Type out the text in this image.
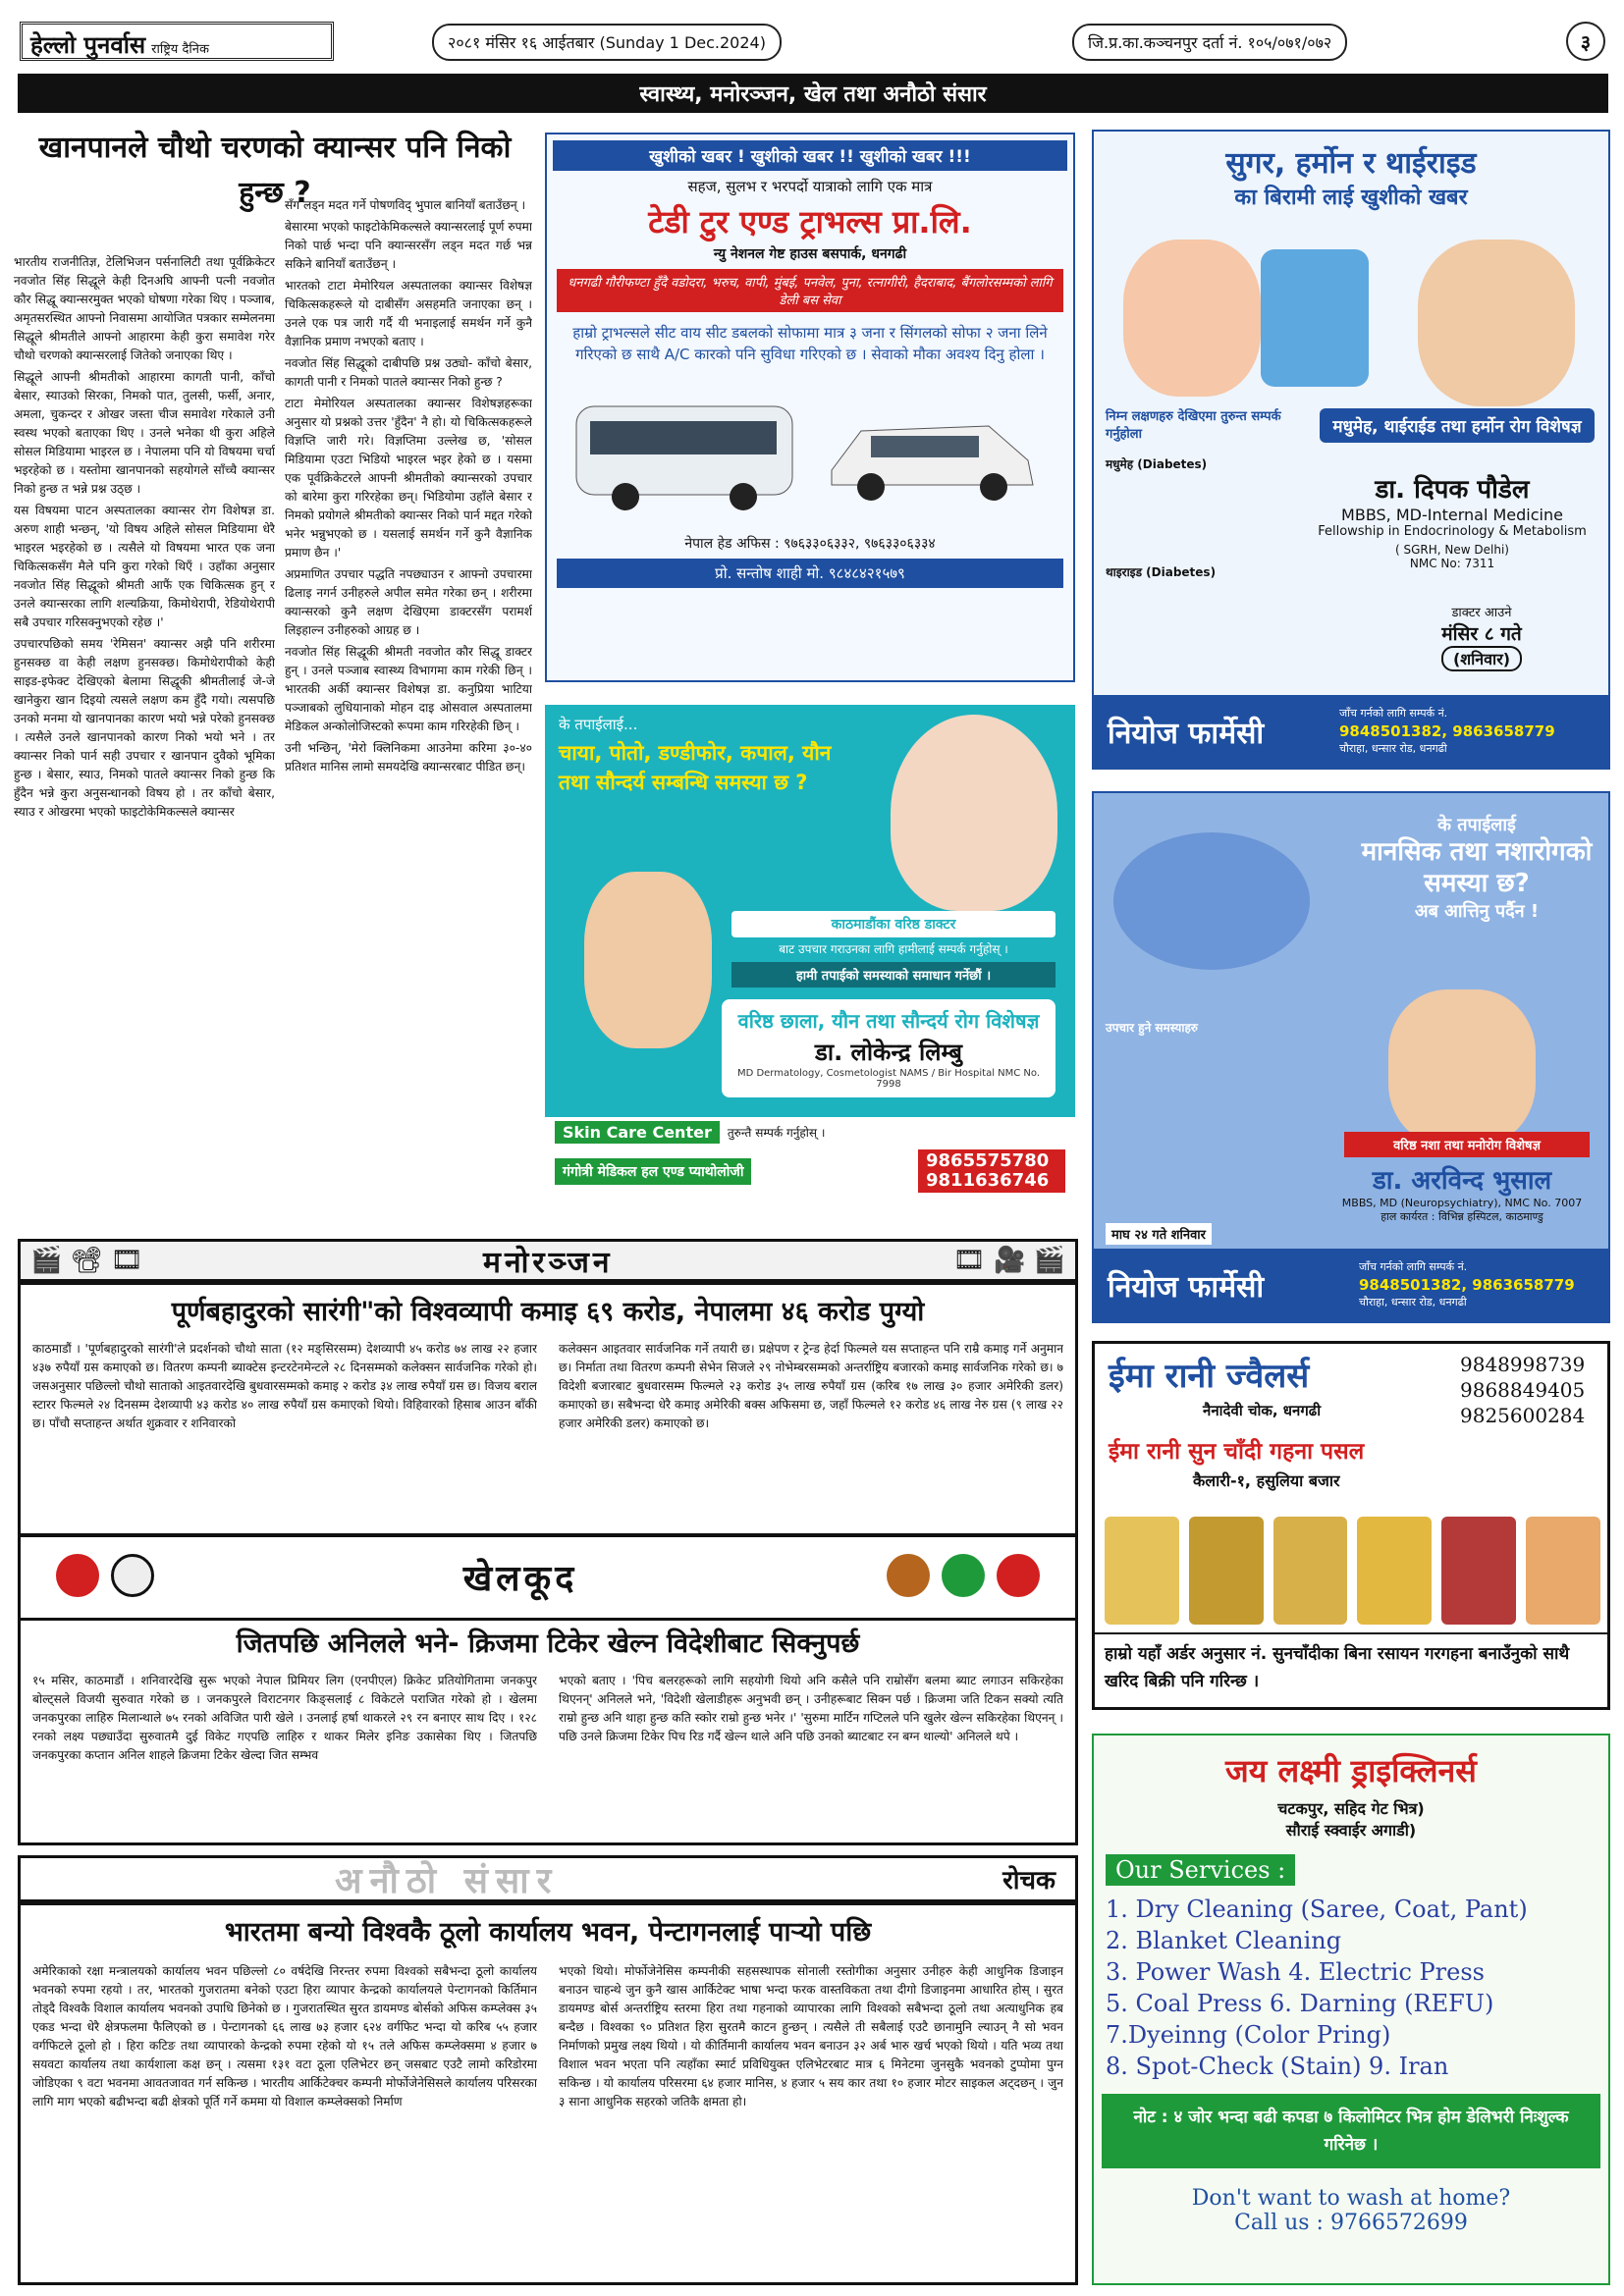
हेल्लो पुनर्वास राष्ट्रिय दैनिक	२०८१ मंसिर १६ आईतबार (Sunday 1 Dec.2024)	जि.प्र.का.कञ्चनपुर दर्ता नं. १०५/०७१/०७२	३
स्वास्थ्य, मनोरञ्जन, खेल तथा अनौठो संसार
खानपानले चौथो चरणको क्यान्सर पनि निको हुन्छ ?

भारतीय राजनीतिज्ञ, टेलिभिजन पर्सनालिटी तथा पूर्वक्रिकेटर नवजोत सिंह सिद्धूले केही दिनअघि आफ्नी पत्नी नवजोत कौर सिद्धू क्यान्सरमुक्त भएको घोषणा गरेका थिए । पञ्जाब, अमृतसरस्थित आफ्नो निवासमा आयोजित पत्रकार सम्मेलनमा सिद्धूले श्रीमतीले आफ्नो आहारमा केही कुरा समावेश गरेर चौथो चरणको क्यान्सरलाई जितेको जनाएका थिए ।

सिद्धूले आफ्नी श्रीमतीको आहारमा कागती पानी, काँचो बेसार, स्याउको सिरका, निमको पात, तुलसी, फर्सी, अनार, अमला, चुकन्दर र ओखर जस्ता चीज समावेश गरेकाले उनी स्वस्थ भएको बताएका थिए । उनले भनेका थी कुरा अहिले सोसल मिडियामा भाइरल छ । नेपालमा पनि यो विषयमा चर्चा भइरहेको छ । यस्तोमा खानपानको सहयोगले साँच्चै क्यान्सर निको हुन्छ त भन्ने प्रश्न उठ्छ ।

यस विषयमा पाटन अस्पतालका क्यान्सर रोग विशेषज्ञ डा. अरुण शाही भन्छन्, 'यो विषय अहिले सोसल मिडियामा धेरै भाइरल भइरहेको छ । त्यसैले यो विषयमा भारत एक जना चिकित्सकसँग मैले पनि कुरा गरेको थिएँ । उहाँका अनुसार नवजोत सिंह सिद्धूको श्रीमती आफैं एक चिकित्सक हुन् र उनले क्यान्सरका लागि शल्यक्रिया, किमोथेरापी, रेडियोथेरापी सबै उपचार गरिसक्नुभएको रहेछ ।'

उपचारपछिको समय 'रेमिसन' क्यान्सर अझै पनि शरीरमा हुनसक्छ वा केही लक्षण हुनसक्छ। किमोथेरापीको केही साइड-इफेक्ट देखिएको बेलामा सिद्धूकी श्रीमतीलाई जे-जे खानेकुरा खान दिइयो त्यसले लक्षण कम हुँदै गयो। त्यसपछि उनको मनमा यो खानपानका कारण भयो भन्ने परेको हुनसक्छ । त्यसैले उनले खानपानको कारण निको भयो भने । तर क्यान्सर निको पार्न सही उपचार र खानपान दुवैको भूमिका हुन्छ । बेसार, स्याउ, निमको पातले क्यान्सर निको हुन्छ कि हुँदैन भन्ने कुरा अनुसन्धानको विषय हो । तर काँचो बेसार, स्याउ र ओखरमा भएको फाइटोकेमिकल्सले क्यान्सर

सँग लड्न मदत गर्ने पोषणविद् भुपाल बानियाँ बताउँछन् ।

बेसारमा भएको फाइटोकेमिकल्सले क्यान्सरलाई पूर्ण रुपमा निको पार्छ भन्दा पनि क्यान्सरसँग लड्न मदत गर्छ भन्न सकिने बानियाँ बताउँछन् ।

भारतको टाटा मेमोरियल अस्पतालका क्यान्सर विशेषज्ञ चिकित्सकहरूले यो दाबीसँग असहमति जनाएका छन् । उनले एक पत्र जारी गर्दै यी भनाइलाई समर्थन गर्ने कुनै वैज्ञानिक प्रमाण नभएको बताए ।

नवजोत सिंह सिद्धूको दाबीपछि प्रश्न उठ्यो- काँचो बेसार, कागती पानी र निमको पातले क्यान्सर निको हुन्छ ?

टाटा मेमोरियल अस्पतालका क्यान्सर विशेषज्ञहरूका अनुसार यो प्रश्नको उत्तर 'हुँदैन' नै हो। यो चिकित्सकहरूले विज्ञप्ति जारी गरे। विज्ञप्तिमा उल्लेख छ, 'सोसल मिडियामा एउटा भिडियो भाइरल भइर हेको छ । यसमा एक पूर्वक्रिकेटरले आफ्नी श्रीमतीको क्यान्सरको उपचार को बारेमा कुरा गरिरहेका छन्। भिडियोमा उहाँले बेसार र निमको प्रयोगले श्रीमतीको क्यान्सर निको पार्न मद्दत गरेको भनेर भन्नुभएको छ । यसलाई समर्थन गर्ने कुनै वैज्ञानिक प्रमाण छैन ।'

अप्रमाणित उपचार पद्धति नपछ्याउन र आफ्नो उपचारमा ढिलाइ नगर्न उनीहरुले अपील समेत गरेका छन् । शरीरमा क्यान्सरको कुनै लक्षण देखिएमा डाक्टरसँग परामर्श लिइहाल्न उनीहरुको आग्रह छ ।

नवजोत सिंह सिद्धूकी श्रीमती नवजोत कौर सिद्धू डाक्टर हुन् । उनले पञ्जाब स्वास्थ्य विभागमा काम गरेकी छिन् । भारतकी अर्की क्यान्सर विशेषज्ञ डा. कनुप्रिया भाटिया पञ्जाबको लुधियानाको मोहन दाइ ओसवाल अस्पतालमा मेडिकल अन्कोलोजिस्टको रूपमा काम गरिरहेकी छिन् ।

उनी भन्छिन्, 'मेरो क्लिनिकमा आउनेमा करिमा ३०-४० प्रतिशत मानिस लामो समयदेखि क्यान्सरबाट पीडित छन्।

खुशीको खबर ! खुशीको खबर !! खुशीको खबर !!!
सहज, सुलभ र भरपर्दो यात्राको लागि एक मात्र
टेडी टुर एण्ड ट्राभल्स प्रा.लि.
न्यु नेशनल गेष्ट हाउस बसपार्क, धनगढी
धनगढी गौरीफण्टा हुँदै वडोदरा, भरुच, वापी, मुंबई, पनवेल, पुना, रत्नागीरी, हैदराबाद, बैंगलोरसम्मको लागि डेली बस सेवा
हाम्रो ट्राभल्सले सीट वाय सीट डबलको सोफामा मात्र ३ जना र सिंगलको सोफा २ जना लिने गरिएको छ साथै A/C कारको पनि सुविधा गरिएको छ । सेवाको मौका अवश्य दिनु होला ।
नेपाल हेड अफिस : ९७६३३०६३३२, ९७६३३०६३३४
प्रो. सन्तोष शाही मो. ९८४८४२१५७९
के तपाईलाई...
चाया, पोतो, डण्डीफोर, कपाल, यौन तथा सौन्दर्य सम्बन्धि समस्या छ ?
काठमाडौंका वरिष्ठ डाक्टर
बाट उपचार गराउनका लागि हामीलाई सम्पर्क गर्नुहोस् ।
हामी तपाईको समस्याको समाधान गर्नेछौं ।
वरिष्ठ छाला, यौन तथा सौन्दर्य रोग विशेषज्ञ
डा. लोकेन्द्र लिम्बु
MD Dermatology, Cosmetologist NAMS / Bir Hospital NMC No. 7998
Skin Care Center	तुरुन्तै सम्पर्क गर्नुहोस् ।
गंगोत्री मेडिकल हल एण्ड प्याथोलोजी
9865575780
9811636746
सुगर, हर्मोन र थाईराइड
का बिरामी लाई खुशीको खबर
निम्न लक्षणहरु देखिएमा तुरुन्त सम्पर्क गर्नुहोला
मधुमेह (Diabetes)
थाइराइड (Diabetes)
मधुमेह, थाईराईड तथा हर्मोन रोग विशेषज्ञ
डा. दिपक पौडेल
MBBS, MD-Internal Medicine
Fellowship in Endocrinology & Metabolism
( SGRH, New Delhi)
NMC No: 7311
डाक्टर आउने
मंसिर ८ गते
(शनिवार)
नियोज फार्मेसी
जाँच गर्नको लागि सम्पर्क नं.
9848501382, 9863658779
चौराहा, धन्सार रोड, धनगढी
के तपाईलाई
मानसिक तथा नशारोगको समस्या छ?
अब आत्तिनु पर्दैन !
उपचार हुने समस्याहरु
वरिष्ठ नशा तथा मनोरोग विशेषज्ञ
डा. अरविन्द भुसाल
MBBS, MD (Neuropsychiatry), NMC No. 7007
हाल कार्यरत : विभिन्न हस्पिटल, काठमाण्डु
माघ २४ गते शनिवार
नियोज फार्मेसी
जाँच गर्नको लागि सम्पर्क नं.
9848501382, 9863658779
चौराहा, धन्सार रोड, धनगढी
🎬 📽 🎞	मनोरञ्जन	🎞 🎥 🎬
पूर्णबहादुरको सारंगी"को विश्वव्यापी कमाइ ६९ करोड, नेपालमा ४६ करोड पुग्यो
काठमाडौं । 'पूर्णबहादुरको सारंगी'ले प्रदर्शनको चौथो साता (१२ मङ्सिरसम्म) देशव्यापी ४५ करोड ७४ लाख २२ हजार ४३७ रुपैयाँ ग्रस कमाएको छ। वितरण कम्पनी ब्याक्टेस इन्टरटेनमेन्टले २८ दिनसम्मको कलेक्सन सार्वजनिक गरेको हो। जसअनुसार पछिल्लो चौथो साताको आइतवारदेखि बुधवारसम्मको कमाइ २ करोड ३४ लाख रुपैयाँ ग्रस छ। विजय बराल स्टारर फिल्मले २४ दिनसम्म देशव्यापी ४३ करोड ४० लाख रुपैयाँ ग्रस कमाएको थियो। विहिवारको हिसाब आउन बाँकी छ। पाँचौ सप्ताहन्त अर्थात शुक्रवार र शनिवारको
कलेक्सन आइतवार सार्वजनिक गर्ने तयारी छ। प्रक्षेपण र ट्रेन्ड हेर्दा फिल्मले यस सप्ताहन्त पनि राम्रै कमाइ गर्ने अनुमान छ। निर्माता तथा वितरण कम्पनी सेभेन सिजले २९ नोभेम्बरसम्मको अन्तर्राष्ट्रिय बजारको कमाइ सार्वजनिक गरेको छ। ७ विदेशी बजारबाट बुधवारसम्म फिल्मले २३ करोड ३५ लाख रुपैयाँ ग्रस (करिब १७ लाख ३० हजार अमेरिकी डलर) कमाएको छ। सबैभन्दा धेरै कमाइ अमेरिकी बक्स अफिसमा छ, जहाँ फिल्मले १२ करोड ४६ लाख नेरु ग्रस (९ लाख २२ हजार अमेरिकी डलर) कमाएको छ।
खेलकूद
जितपछि अनिलले भने- क्रिजमा टिकेर खेल्न विदेशीबाट सिक्नुपर्छ
१५ मसिर, काठमाडौं । शनिवारदेखि सुरू भएको नेपाल प्रिमियर लिग (एनपीएल) क्रिकेट प्रतियोगितामा जनकपुर बोल्ट्सले विजयी सुरुवात गरेको छ । जनकपुरले विराटनगर किङ्सलाई ८ विकेटले पराजित गरेको हो । खेलमा जनकपुरका लाहिरु मिलान्थाले ७५ रनको अविजित पारी खेले । उनलाई हर्षा थाकरले २९ रन बनाएर साथ दिए । १२८ रनको लक्ष्य पछ्याउँदा सुरुवातमै दुई विकेट गएपछि लाहिरु र थाकर मिलेर इनिङ उकासेका थिए । जितपछि जनकपुरका कप्तान अनिल शाहले क्रिजमा टिकेर खेल्दा जित सम्भव
भएको बताए । 'पिच बलरहरूको लागि सहयोगी थियो अनि कसैले पनि राम्रोसँग बलमा ब्याट लगाउन सकिरहेका थिएनन्' अनिलले भने, 'विदेशी खेलाडीहरू अनुभवी छन् । उनीहरूबाट सिक्न पर्छ । क्रिजमा जति टिकन सक्यो त्यति राम्रो हुन्छ अनि थाहा हुन्छ कति स्कोर राम्रो हुन्छ भनेर ।' 'सुरुमा मार्टिन गप्टिलले पनि खुलेर खेल्न सकिरहेका थिएनन् । पछि उनले क्रिजमा टिकेर पिच रिड गर्दै खेल्न थाले अनि पछि उनको ब्याटबाट रन बग्न थाल्यो' अनिलले थपे ।
अनौठो संसार	रोचक
भारतमा बन्यो विश्वकै ठूलो कार्यालय भवन, पेन्टागनलाई पार्‍यो पछि
अमेरिकाको रक्षा मन्त्रालयको कार्यालय भवन पछिल्लो ८० वर्षदेखि निरन्तर रुपमा विश्वको सबैभन्दा ठूलो कार्यालय भवनको रुपमा रहयो । तर, भारतको गुजरातमा बनेको एउटा हिरा व्यापार केन्द्रको कार्यालयले पेन्टागनको किर्तिमान तोड्दै विश्वकै विशाल कार्यालय भवनको उपाधि छिनेको छ । गुजरातस्थित सुरत डायमण्ड बोर्सको अफिस कम्प्लेक्स ३५ एकड भन्दा धेरै क्षेत्रफलमा फैलिएको छ । पेन्टागनको ६६ लाख ७३ हजार ६२४ वर्गफिट भन्दा यो करिब ५५ हजार वर्गफिटले ठूलो हो । हिरा कटिङ तथा व्यापारको केन्द्रको रुपमा रहेको यो १५ तले अफिस कम्प्लेक्समा ४ हजार ७ सयवटा कार्यालय तथा कार्यशाला कक्ष छन् । त्यसमा १३१ वटा ठूला एलिभेटर छन् जसबाट एउटै लामो करिडोरमा जोडिएका ९ वटा भवनमा आवतजावत गर्न सकिन्छ । भारतीय आर्किटेक्चर कम्पनी मोर्फोजेनेसिसले कार्यालय परिसरका लागि माग भएको बढीभन्दा बढी क्षेत्रको पूर्ति गर्ने कममा यो विशाल कम्प्लेक्सको निर्माण
भएको थियो। मोर्फोजेनेसिस कम्पनीकी सहसस्थापक सोनाली रस्तोगीका अनुसार उनीहरु केही आधुनिक डिजाइन बनाउन चाहन्थे जुन कुनै खास आर्किटेक्ट भाषा भन्दा फरक वास्तविकता तथा दीगो डिजाइनमा आधारित होस् । सुरत डायमण्ड बोर्स अन्तर्राष्ट्रिय स्तरमा हिरा तथा गहनाको व्यापारका लागि विश्वको सबैभन्दा ठूलो तथा अत्याधुनिक हब बन्दैछ । विश्वका ९० प्रतिशत हिरा सुरतमै काटन हुन्छन् । त्यसैले ती सबैलाई एउटै छानामुनि ल्याउन् नै सो भवन निर्माणको प्रमुख लक्ष्य थियो । यो कीर्तिमानी कार्यालय भवन बनाउन ३२ अर्ब भारु खर्च भएको थियो । यति भव्य तथा विशाल भवन भएता पनि त्यहाँका स्मार्ट प्रविधियुक्त एलिभेटरबाट मात्र ६ मिनेटमा जुनसुकै भवनको टुप्पोमा पुग्न सकिन्छ । यो कार्यालय परिसरमा ६४ हजार मानिस, ४ हजार ५ सय कार तथा १० हजार मोटर साइकल अट्दछन् । जुन ३ साना आधुनिक सहरको जतिकै क्षमता हो।
ईमा रानी ज्वैलर्स
नैनादेवी चोक, धनगढी
9848998739
9868849405
9825600284
ईमा रानी सुन चाँदी गहना पसल
कैलारी-१, हसुलिया बजार
हाम्रो यहाँ अर्डर अनुसार नं. सुनचाँदीका बिना रसायन गरगहना बनाउँनुको साथै खरिद बिक्री पनि गरिन्छ ।
जय लक्ष्मी ड्राइक्लिनर्स
चटकपुर, सहिद गेट भित्र)
सौराई स्क्वाईर अगाडी)
Our Services :
1. Dry Cleaning (Saree, Coat, Pant)
2. Blanket Cleaning
3. Power Wash 4. Electric Press
5. Coal Press 6. Darning (REFU)
7.Dyeinng (Color Pring)
8. Spot-Check (Stain) 9. Iran
नोट : ४ जोर भन्दा बढी कपडा ७ किलोमिटर भित्र होम डेलिभरी निःशुल्क गरिनेछ ।
Don't want to wash at home?
Call us : 9766572699
